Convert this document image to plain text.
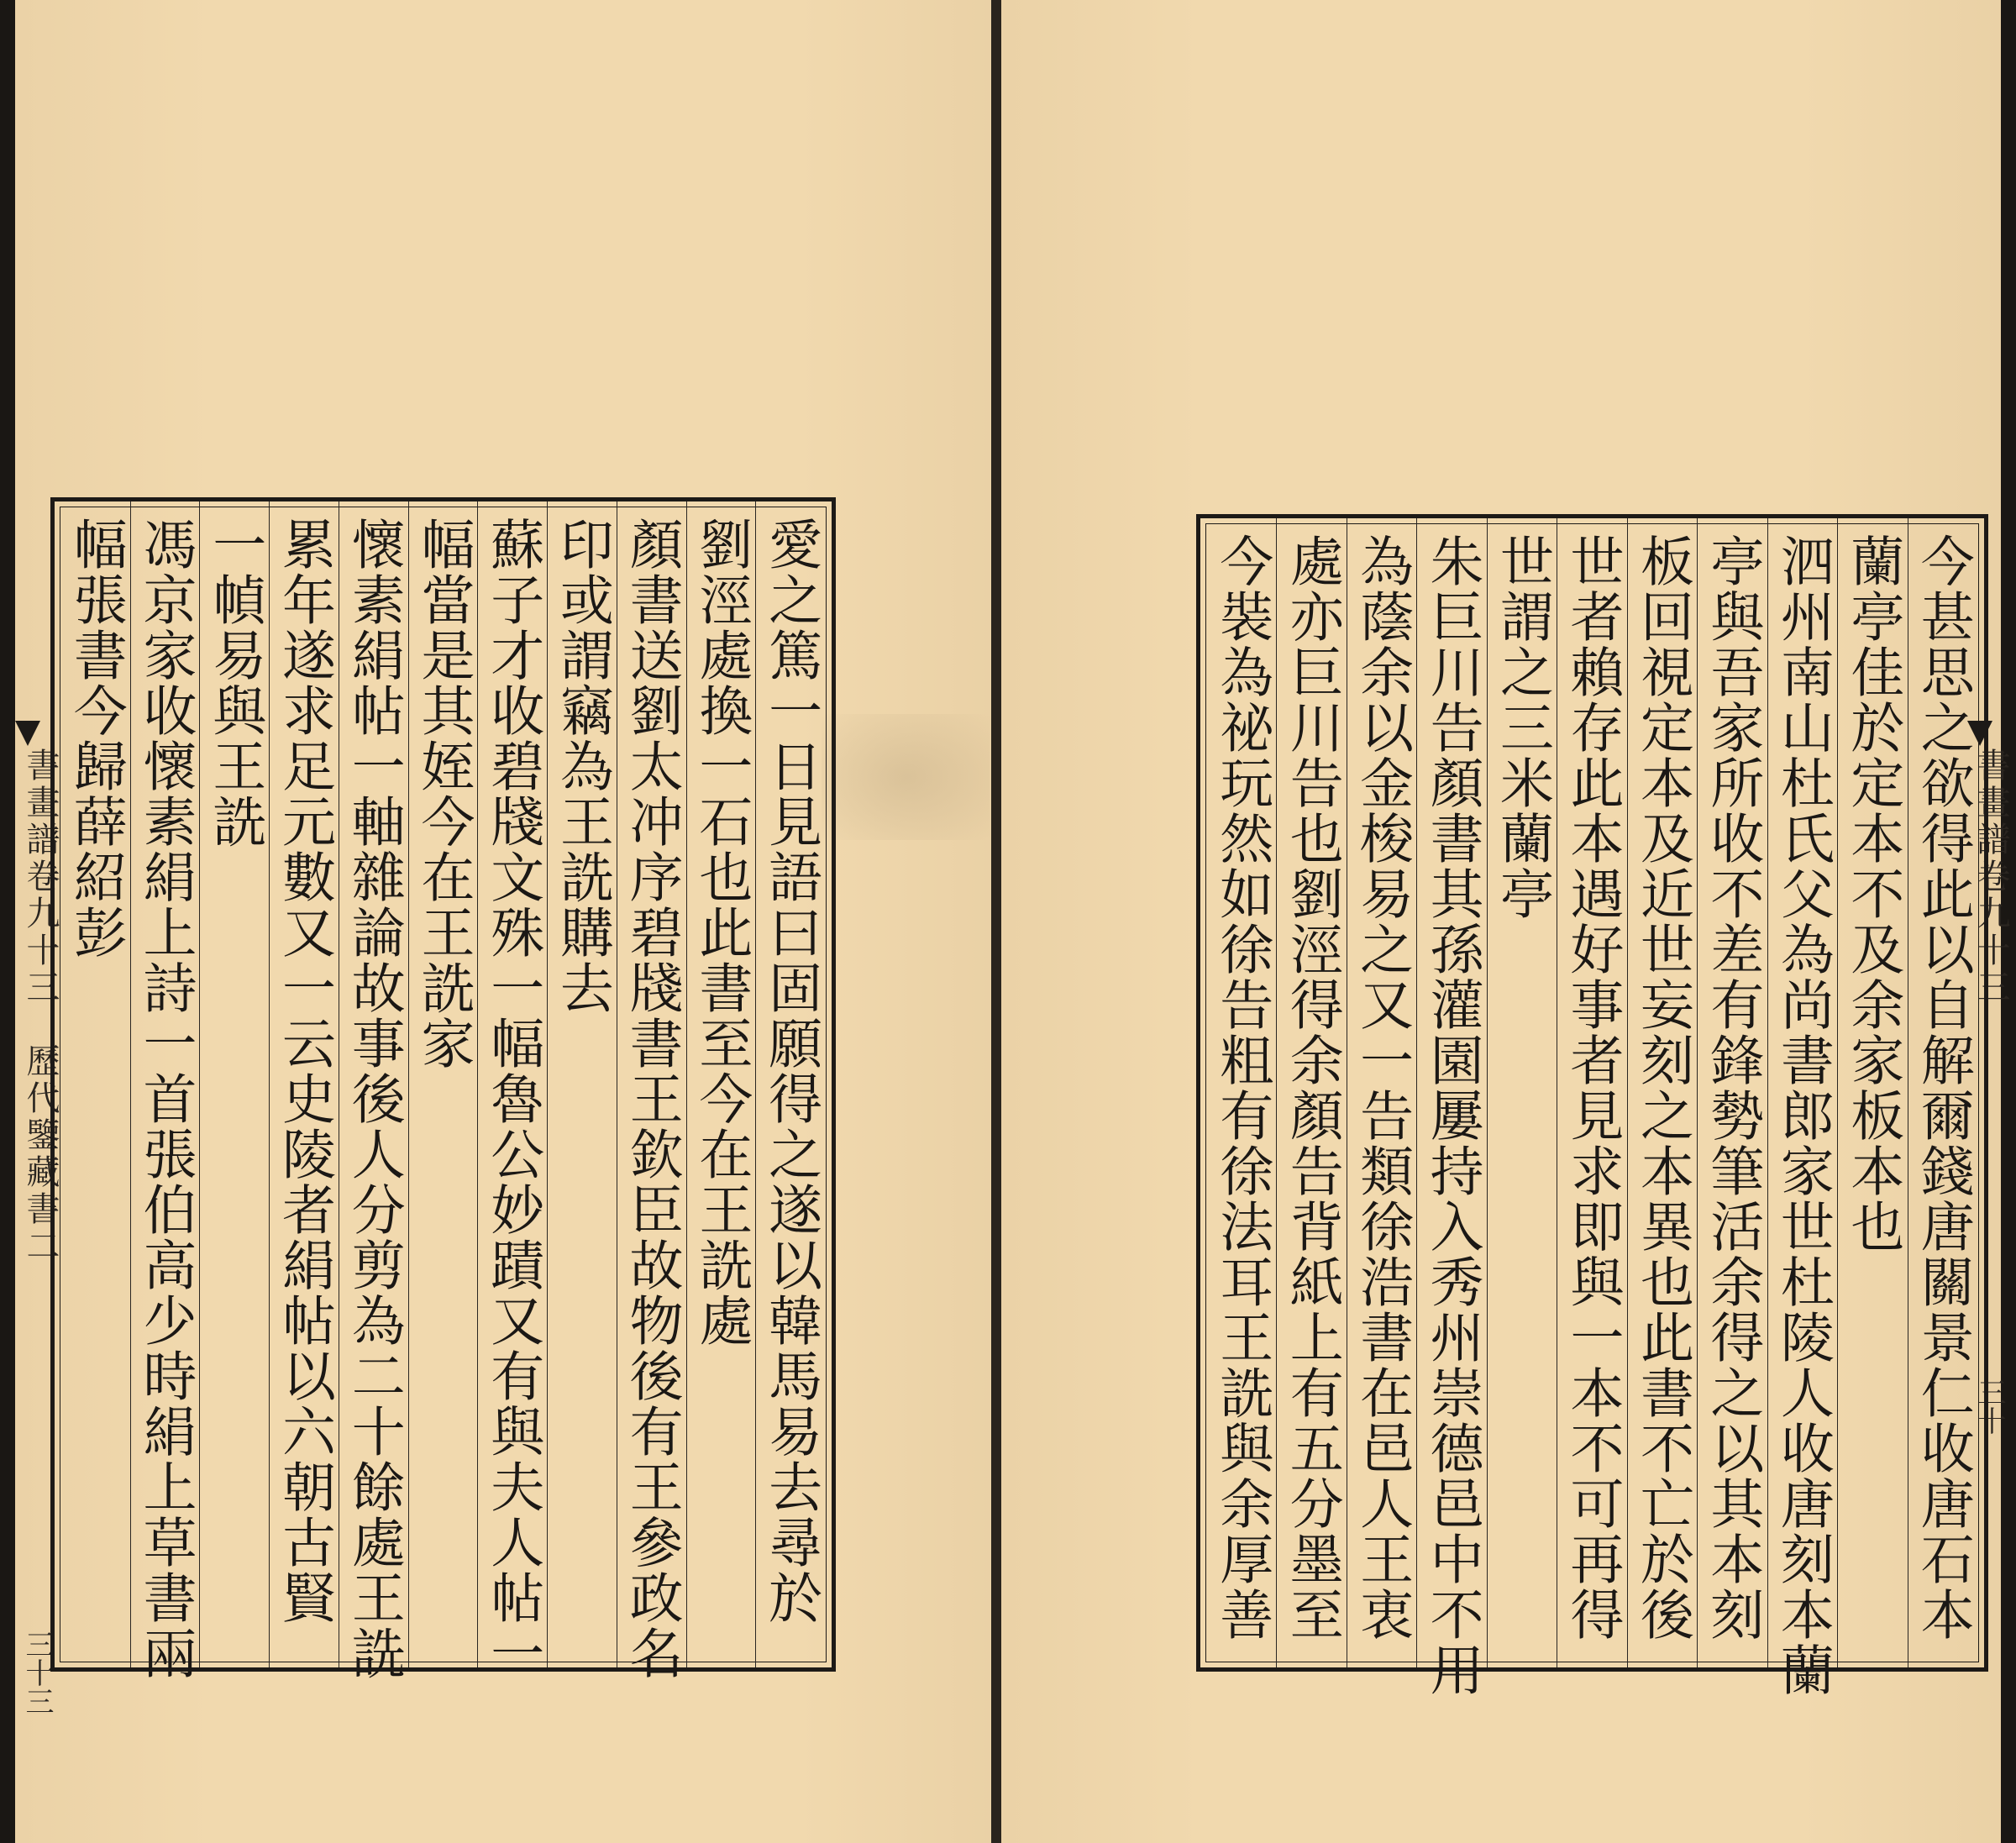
書畫譜卷九十三　歷代鑒藏書二
三十三
愛之篤一日見語曰固願得之遂以韓馬易去尋於
劉涇處換一石也此書至今在王詵處
顏書送劉太冲序碧牋書王欽臣故物後有王參政名
印或謂竊為王詵購去
蘇子才收碧牋文殊一幅魯公妙蹟又有與夫人帖一
幅當是其姪今在王詵家
懷素絹帖一軸雜論故事後人分剪為二十餘處王詵
累年遂求足元數又一云史陵者絹帖以六朝古賢
一幀易與王詵
馮京家收懷素絹上詩一首張伯高少時絹上草書兩
幅張書今歸薛紹彭	書畫譜卷九十三
三十
今甚思之欲得此以自解爾錢唐關景仁收唐石本
蘭亭佳於定本不及余家板本也
泗州南山杜氏父為尚書郎家世杜陵人收唐刻本蘭
亭與吾家所收不差有鋒勢筆活余得之以其本刻
板回視定本及近世妄刻之本異也此書不亡於後
世者賴存此本遇好事者見求即與一本不可再得
世謂之三米蘭亭
朱巨川告顏書其孫灌園屢持入秀州崇德邑中不用
為蔭余以金梭易之又一告類徐浩書在邑人王衷
處亦巨川告也劉涇得余顏告背紙上有五分墨至
今裝為祕玩然如徐告粗有徐法耳王詵與余厚善
